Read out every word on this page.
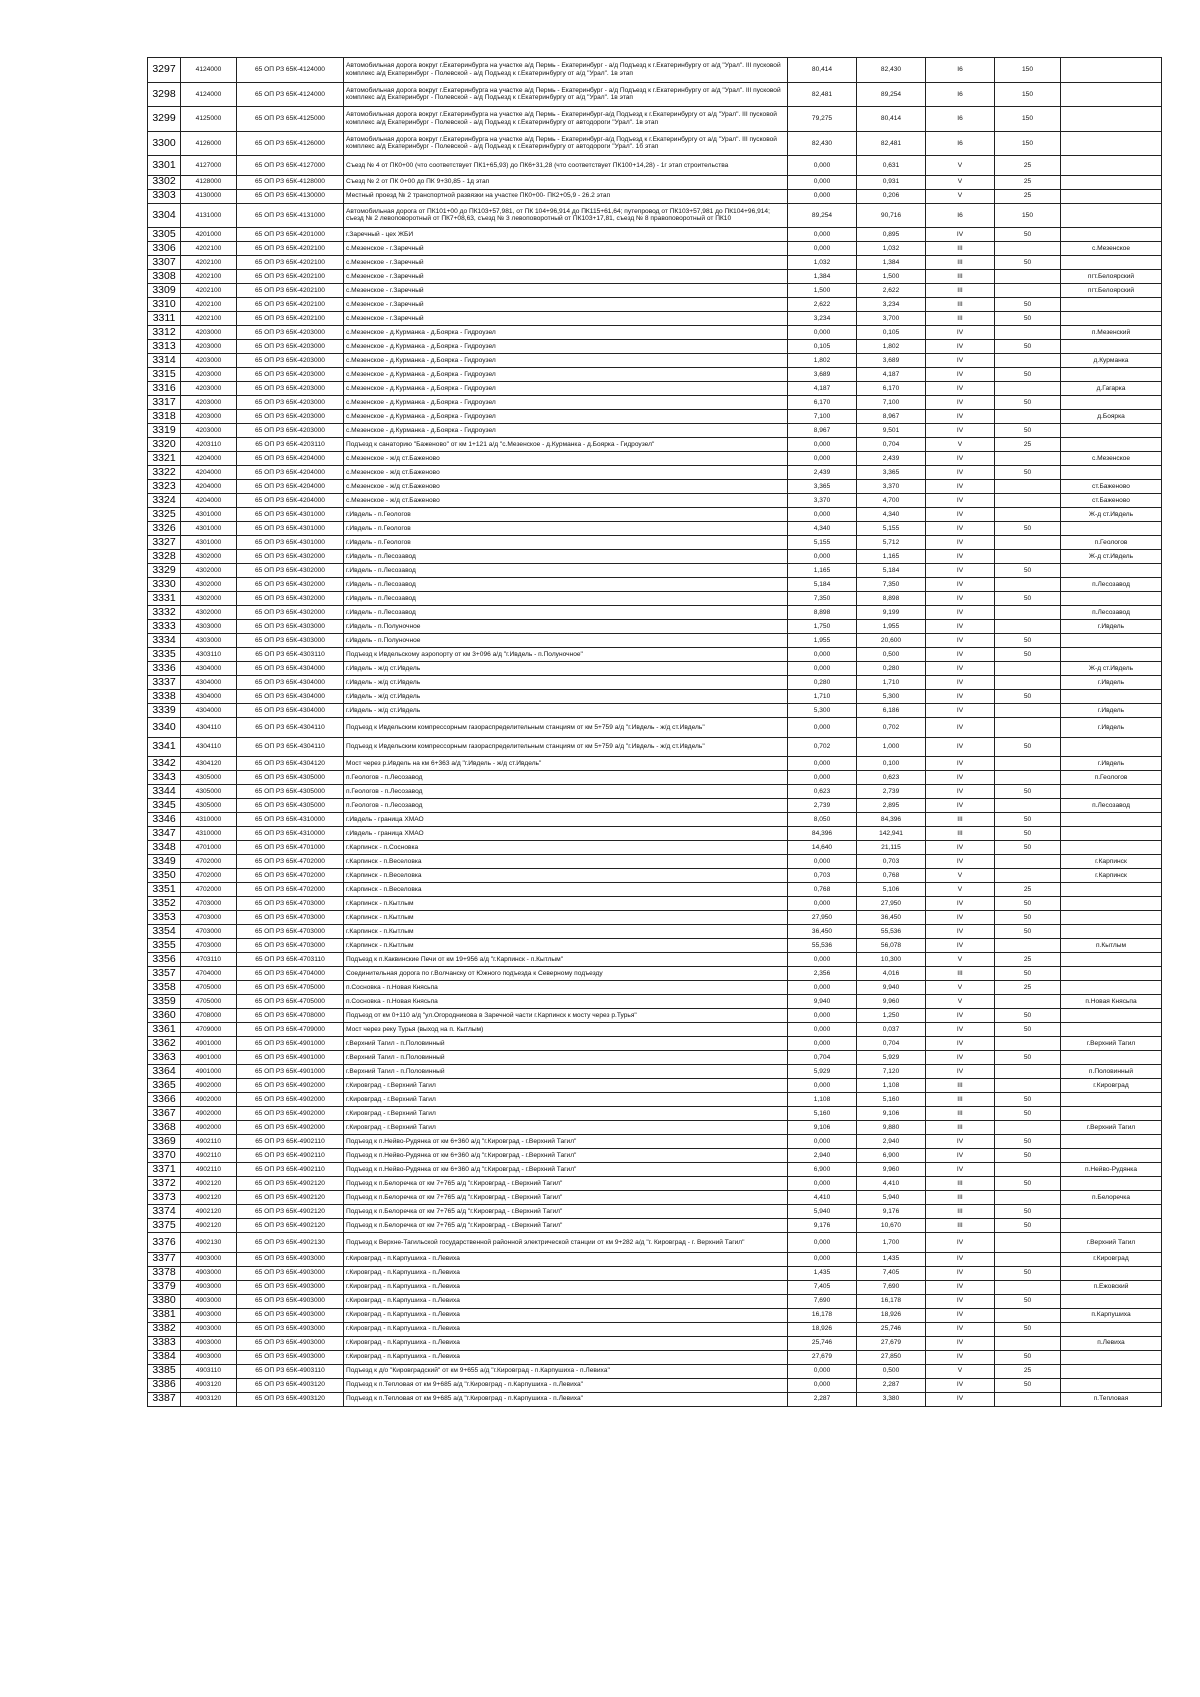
3297	4124000	65 ОП РЗ 65К-4124000	Автомобильная дорога вокруг г.Екатеринбурга на участке а/д Пермь - Екатеринбург - а/д Подъезд к г.Екатеринбургу от а/д "Урал". III пусковой комплекс а/д Екатеринбург - Полевской - а/д Подъезд к г.Екатеринбургу от а/д "Урал". 1в этап	80,414	82,430	I6	150	
3298	4124000	65 ОП РЗ 65К-4124000	Автомобильная дорога вокруг г.Екатеринбурга на участке а/д Пермь - Екатеринбург - а/д Подъезд к г.Екатеринбургу от а/д "Урал". III пусковой комплекс а/д Екатеринбург - Полевской - а/д Подъезд к г.Екатеринбургу от а/д "Урал". 1в этап	82,481	89,254	I6	150	
3299	4125000	65 ОП РЗ 65К-4125000	Автомобильная дорога вокруг г.Екатеринбурга на участке а/д Пермь - Екатеринбург-а/д Подъезд к г.Екатеринбургу от а/д "Урал". III пусковой комплекс а/д Екатеринбург - Полевской - а/д Подъезд к г.Екатеринбургу от автодороги "Урал". 1в этап	79,275	80,414	I6	150	
3300	4126000	65 ОП РЗ 65К-4126000	Автомобильная дорога вокруг г.Екатеринбурга на участке а/д Пермь - Екатеринбург-а/д Подъезд к г.Екатеринбургу от а/д "Урал". III пусковой комплекс а/д Екатеринбург - Полевской - а/д Подъезд к г.Екатеринбургу от автодороги "Урал". 1б этап	82,430	82,481	I6	150	
3301	4127000	65 ОП РЗ 65К-4127000	Съезд № 4 от ПК0+00 (что соответствует ПК1+65,93) до ПК6+31,28 (что соответствует ПК100+14,28) - 1г этап строительства	0,000	0,631	V	25	
3302	4128000	65 ОП РЗ 65К-4128000	Съезд № 2 от ПК 0+00 до ПК 9+30,85 - 1д этап	0,000	0,931	V	25	
3303	4130000	65 ОП РЗ 65К-4130000	Местный проезд № 2 транспортной развязки на участке ПК0+00- ПК2+05,9 - 26.2 этап	0,000	0,206	V	25	
3304	4131000	65 ОП РЗ 65К-4131000	Автомобильная дорога от ПК101+00 до ПК103+57,981, от ПК 104+96,914 до ПК115+61,64; путепровод от ПК103+57,981 до ПК104+96,914; съезд № 2 левоповоротный от ПК7+08,63, съезд № 3 левоповоротный от ПК103+17,81, съезд № 8 правоповоротный от ПК10	89,254	90,716	I6	150	
3305	4201000	65 ОП РЗ 65К-4201000	г.Заречный - цех ЖБИ	0,000	0,895	IV	50	
3306	4202100	65 ОП РЗ 65К-4202100	с.Мезенское - г.Заречный	0,000	1,032	III		с.Мезенское
3307	4202100	65 ОП РЗ 65К-4202100	с.Мезенское - г.Заречный	1,032	1,384	III	50	
3308	4202100	65 ОП РЗ 65К-4202100	с.Мезенское - г.Заречный	1,384	1,500	III		пгт.Белоярский
3309	4202100	65 ОП РЗ 65К-4202100	с.Мезенское - г.Заречный	1,500	2,622	III		пгт.Белоярский
3310	4202100	65 ОП РЗ 65К-4202100	с.Мезенское - г.Заречный	2,622	3,234	III	50	
3311	4202100	65 ОП РЗ 65К-4202100	с.Мезенское - г.Заречный	3,234	3,700	III	50	
3312	4203000	65 ОП РЗ 65К-4203000	с.Мезенское - д.Курманка - д.Боярка - Гидроузел	0,000	0,105	IV		п.Мезенский
3313	4203000	65 ОП РЗ 65К-4203000	с.Мезенское - д.Курманка - д.Боярка - Гидроузел	0,105	1,802	IV	50	
3314	4203000	65 ОП РЗ 65К-4203000	с.Мезенское - д.Курманка - д.Боярка - Гидроузел	1,802	3,689	IV		д.Курманка
3315	4203000	65 ОП РЗ 65К-4203000	с.Мезенское - д.Курманка - д.Боярка - Гидроузел	3,689	4,187	IV	50	
3316	4203000	65 ОП РЗ 65К-4203000	с.Мезенское - д.Курманка - д.Боярка - Гидроузел	4,187	6,170	IV		д.Гагарка
3317	4203000	65 ОП РЗ 65К-4203000	с.Мезенское - д.Курманка - д.Боярка - Гидроузел	6,170	7,100	IV	50	
3318	4203000	65 ОП РЗ 65К-4203000	с.Мезенское - д.Курманка - д.Боярка - Гидроузел	7,100	8,967	IV		д.Боярка
3319	4203000	65 ОП РЗ 65К-4203000	с.Мезенское - д.Курманка - д.Боярка - Гидроузел	8,967	9,501	IV	50	
3320	4203110	65 ОП РЗ 65К-4203110	Подъезд к санаторию "Баженово" от км 1+121 а/д "с.Мезенское - д.Курманка - д.Боярка - Гидроузел"	0,000	0,704	V	25	
3321	4204000	65 ОП РЗ 65К-4204000	с.Мезенское - ж/д ст.Баженово	0,000	2,439	IV		с.Мезенское
3322	4204000	65 ОП РЗ 65К-4204000	с.Мезенское - ж/д ст.Баженово	2,439	3,365	IV	50	
3323	4204000	65 ОП РЗ 65К-4204000	с.Мезенское - ж/д ст.Баженово	3,365	3,370	IV		ст.Баженово
3324	4204000	65 ОП РЗ 65К-4204000	с.Мезенское - ж/д ст.Баженово	3,370	4,700	IV		ст.Баженово
3325	4301000	65 ОП РЗ 65К-4301000	г.Ивдель - п.Геологов	0,000	4,340	IV		Ж-д ст.Ивдель
3326	4301000	65 ОП РЗ 65К-4301000	г.Ивдель - п.Геологов	4,340	5,155	IV	50	
3327	4301000	65 ОП РЗ 65К-4301000	г.Ивдель - п.Геологов	5,155	5,712	IV		п.Геологов
3328	4302000	65 ОП РЗ 65К-4302000	г.Ивдель - п.Лесозавод	0,000	1,165	IV		Ж-д ст.Ивдель
3329	4302000	65 ОП РЗ 65К-4302000	г.Ивдель - п.Лесозавод	1,165	5,184	IV	50	
3330	4302000	65 ОП РЗ 65К-4302000	г.Ивдель - п.Лесозавод	5,184	7,350	IV		п.Лесозавод
3331	4302000	65 ОП РЗ 65К-4302000	г.Ивдель - п.Лесозавод	7,350	8,898	IV	50	
3332	4302000	65 ОП РЗ 65К-4302000	г.Ивдель - п.Лесозавод	8,898	9,199	IV		п.Лесозавод
3333	4303000	65 ОП РЗ 65К-4303000	г.Ивдель - п.Полуночное	1,750	1,955	IV		г.Ивдель
3334	4303000	65 ОП РЗ 65К-4303000	г.Ивдель - п.Полуночное	1,955	20,600	IV	50	
3335	4303110	65 ОП РЗ 65К-4303110	Подъезд к Ивдельскому аэропорту от км 3+096 а/д "г.Ивдель - п.Полуночное"	0,000	0,500	IV	50	
3336	4304000	65 ОП РЗ 65К-4304000	г.Ивдель - ж/д ст.Ивдель	0,000	0,280	IV		Ж-д ст.Ивдель
3337	4304000	65 ОП РЗ 65К-4304000	г.Ивдель - ж/д ст.Ивдель	0,280	1,710	IV		г.Ивдель
3338	4304000	65 ОП РЗ 65К-4304000	г.Ивдель - ж/д ст.Ивдель	1,710	5,300	IV	50	
3339	4304000	65 ОП РЗ 65К-4304000	г.Ивдель - ж/д ст.Ивдель	5,300	6,186	IV		г.Ивдель
3340	4304110	65 ОП РЗ 65К-4304110	Подъезд к Ивдельским компрессорным газораспределительным станциям от км 5+759 а/д "г.Ивдель - ж/д ст.Ивдель"	0,000	0,702	IV		г.Ивдель
3341	4304110	65 ОП РЗ 65К-4304110	Подъезд к Ивдельским компрессорным газораспределительным станциям от км 5+759 а/д "г.Ивдель - ж/д ст.Ивдель"	0,702	1,000	IV	50	
3342	4304120	65 ОП РЗ 65К-4304120	Мост через р.Ивдель на км 6+363 а/д "г.Ивдель - ж/д ст.Ивдель"	0,000	0,100	IV		г.Ивдель
3343	4305000	65 ОП РЗ 65К-4305000	п.Геологов - п.Лесозавод	0,000	0,623	IV		п.Геологов
3344	4305000	65 ОП РЗ 65К-4305000	п.Геологов - п.Лесозавод	0,623	2,739	IV	50	
3345	4305000	65 ОП РЗ 65К-4305000	п.Геологов - п.Лесозавод	2,739	2,895	IV		п.Лесозавод
3346	4310000	65 ОП РЗ 65К-4310000	г.Ивдель - граница ХМАО	8,050	84,396	III	50	
3347	4310000	65 ОП РЗ 65К-4310000	г.Ивдель - граница ХМАО	84,396	142,941	III	50	
3348	4701000	65 ОП РЗ 65К-4701000	г.Карпинск - п.Сосновка	14,640	21,115	IV	50	
3349	4702000	65 ОП РЗ 65К-4702000	г.Карпинск - п.Веселовка	0,000	0,703	IV		г.Карпинск
3350	4702000	65 ОП РЗ 65К-4702000	г.Карпинск - п.Веселовка	0,703	0,768	V		г.Карпинск
3351	4702000	65 ОП РЗ 65К-4702000	г.Карпинск - п.Веселовка	0,768	5,106	V	25	
3352	4703000	65 ОП РЗ 65К-4703000	г.Карпинск - п.Кытлым	0,000	27,950	IV	50	
3353	4703000	65 ОП РЗ 65К-4703000	г.Карпинск - п.Кытлым	27,950	36,450	IV	50	
3354	4703000	65 ОП РЗ 65К-4703000	г.Карпинск - п.Кытлым	36,450	55,536	IV	50	
3355	4703000	65 ОП РЗ 65К-4703000	г.Карпинск - п.Кытлым	55,536	56,078	IV		п.Кытлым
3356	4703110	65 ОП РЗ 65К-4703110	Подъезд к п.Каквинские Печи от км 19+956 а/д "г.Карпинск - п.Кытлым"	0,000	10,300	V	25	
3357	4704000	65 ОП РЗ 65К-4704000	Соединительная дорога по г.Волчанску от Южного подъезда к Северному подъезду	2,356	4,016	III	50	
3358	4705000	65 ОП РЗ 65К-4705000	п.Сосновка - п.Новая Княсьпа	0,000	9,940	V	25	
3359	4705000	65 ОП РЗ 65К-4705000	п.Сосновка - п.Новая Княсьпа	9,940	9,960	V		п.Новая Княсьпа
3360	4708000	65 ОП РЗ 65К-4708000	Подъезд от км 0+110 а/д "ул.Огородникова в Заречной части г.Карпинск к мосту через р.Турья"	0,000	1,250	IV	50	
3361	4709000	65 ОП РЗ 65К-4709000	Мост через реку Турья (выход на п. Кытлым)	0,000	0,037	IV	50	
3362	4901000	65 ОП РЗ 65К-4901000	г.Верхний Тагил - п.Половинный	0,000	0,704	IV		г.Верхний Тагил
3363	4901000	65 ОП РЗ 65К-4901000	г.Верхний Тагил - п.Половинный	0,704	5,929	IV	50	
3364	4901000	65 ОП РЗ 65К-4901000	г.Верхний Тагил - п.Половинный	5,929	7,120	IV		п.Половинный
3365	4902000	65 ОП РЗ 65К-4902000	г.Кировград - г.Верхний Тагил	0,000	1,108	III		г.Кировград
3366	4902000	65 ОП РЗ 65К-4902000	г.Кировград - г.Верхний Тагил	1,108	5,160	III	50	
3367	4902000	65 ОП РЗ 65К-4902000	г.Кировград - г.Верхний Тагил	5,160	9,106	III	50	
3368	4902000	65 ОП РЗ 65К-4902000	г.Кировград - г.Верхний Тагил	9,106	9,880	III		г.Верхний Тагил
3369	4902110	65 ОП РЗ 65К-4902110	Подъезд к п.Нейво-Рудянка от км 6+360 а/д "г.Кировград - г.Верхний Тагил"	0,000	2,940	IV	50	
3370	4902110	65 ОП РЗ 65К-4902110	Подъезд к п.Нейво-Рудянка от км 6+360 а/д "г.Кировград - г.Верхний Тагил"	2,940	6,900	IV	50	
3371	4902110	65 ОП РЗ 65К-4902110	Подъезд к п.Нейво-Рудянка от км 6+360 а/д "г.Кировград - г.Верхний Тагил"	6,900	9,960	IV		п.Нейво-Рудянка
3372	4902120	65 ОП РЗ 65К-4902120	Подъезд к п.Белоречка от км 7+765 а/д "г.Кировград - г.Верхний Тагил"	0,000	4,410	III	50	
3373	4902120	65 ОП РЗ 65К-4902120	Подъезд к п.Белоречка от км 7+765 а/д "г.Кировград - г.Верхний Тагил"	4,410	5,940	III		п.Белоречка
3374	4902120	65 ОП РЗ 65К-4902120	Подъезд к п.Белоречка от км 7+765 а/д "г.Кировград - г.Верхний Тагил"	5,940	9,176	III	50	
3375	4902120	65 ОП РЗ 65К-4902120	Подъезд к п.Белоречка от км 7+765 а/д "г.Кировград - г.Верхний Тагил"	9,176	10,670	III	50	
3376	4902130	65 ОП РЗ 65К-4902130	Подъезд к Верхне-Тагильской государственной районной электрической станции от км 9+282 а/д "г. Кировград - г. Верхний Тагил"	0,000	1,700	IV		г.Верхний Тагил
3377	4903000	65 ОП РЗ 65К-4903000	г.Кировград - п.Карпушиха - п.Левиха	0,000	1,435	IV		г.Кировград
3378	4903000	65 ОП РЗ 65К-4903000	г.Кировград - п.Карпушиха - п.Левиха	1,435	7,405	IV	50	
3379	4903000	65 ОП РЗ 65К-4903000	г.Кировград - п.Карпушиха - п.Левиха	7,405	7,690	IV		п.Ежовский
3380	4903000	65 ОП РЗ 65К-4903000	г.Кировград - п.Карпушиха - п.Левиха	7,690	16,178	IV	50	
3381	4903000	65 ОП РЗ 65К-4903000	г.Кировград - п.Карпушиха - п.Левиха	16,178	18,926	IV		п.Карпушиха
3382	4903000	65 ОП РЗ 65К-4903000	г.Кировград - п.Карпушиха - п.Левиха	18,926	25,746	IV	50	
3383	4903000	65 ОП РЗ 65К-4903000	г.Кировград - п.Карпушиха - п.Левиха	25,746	27,679	IV		п.Левиха
3384	4903000	65 ОП РЗ 65К-4903000	г.Кировград - п.Карпушиха - п.Левиха	27,679	27,850	IV	50	
3385	4903110	65 ОП РЗ 65К-4903110	Подъезд к д/о "Кировградский" от км 9+655 а/д "г.Кировград - п.Карпушиха - п.Левиха"	0,000	0,500	V	25	
3386	4903120	65 ОП РЗ 65К-4903120	Подъезд к п.Тепловая от км 9+685 а/д "г.Кировград - п.Карпушиха - п.Левиха"	0,000	2,287	IV	50	
3387	4903120	65 ОП РЗ 65К-4903120	Подъезд к п.Тепловая от км 9+685 а/д "г.Кировград - п.Карпушиха - п.Левиха"	2,287	3,380	IV		п.Тепловая
